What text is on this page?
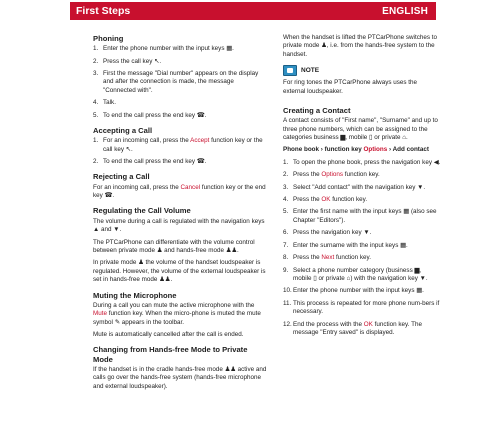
First Steps	ENGLISH
Phoning
1. Enter the phone number with the input keys ▦.
2. Press the call key ↖.
3. First the message "Dial number" appears on the display and after the connection is made, the message "Connected with".
4. Talk.
5. To end the call press the end key ☎.
Accepting a Call
1. For an incoming call, press the Accept function key or the call key ↖.
2. To end the call press the end key ☎.
Rejecting a Call

For an incoming call, press the Cancel function key or the end key ☎.

Regulating the Call Volume

The volume during a call is regulated with the navigation keys ▲ and ▼.

The PTCarPhone can differentiate with the volume control between private mode ♟ and hands-free mode ♟♟.

In private mode ♟ the volume of the handset loudspeaker is regulated. However, the volume of the external loudspeaker is set in hands-free mode ♟♟.

Muting the Microphone

During a call you can mute the active microphone with the Mute function key. When the micro-phone is muted the mute symbol ✎ appears in the toolbar.

Mute is automatically cancelled after the call is ended.

Changing from Hands-free Mode to Private Mode

If the handset is in the cradle hands-free mode ♟♟ active and calls go over the hands-free system (hands-free microphone and external loudspeaker).

When the handset is lifted the PTCarPhone switches to private mode ♟, i.e. from the hands-free system to the handset.

NOTE

For ring tones the PTCarPhone always uses the external loudspeaker.

Creating a Contact

A contact consists of "First name", "Surname" and up to three phone numbers, which can be assigned to the categories business ▆, mobile ▯ or private ⌂.

Phone book › function key Options › Add contact

1. To open the phone book, press the navigation key ◀.
2. Press the Options function key.
3. Select "Add contact" with the navigation key ▼.
4. Press the OK function key.
5. Enter the first name with the input keys ▦ (also see Chapter "Editors").
6. Press the navigation key ▼.
7. Enter the surname with the input keys ▦.
8. Press the Next function key.
9. Select a phone number category (business ▆, mobile ▯ or private ⌂) with the navigation key ▼.
10. Enter the phone number with the input keys ▦.
11. This process is repeated for more phone num-bers if necessary.
12. End the process with the OK function key. The message "Entry saved" is displayed.
